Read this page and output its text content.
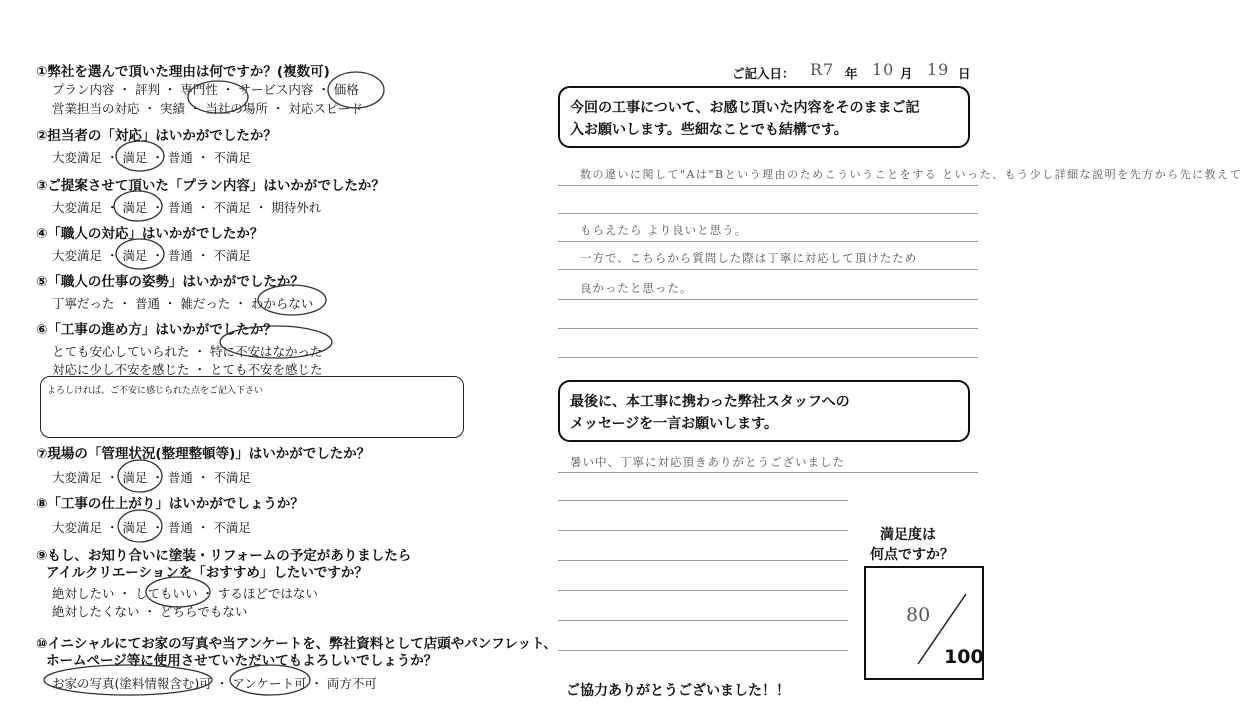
ご記入日： R7 年 10 月 19 日
①弊社を選んで頂いた理由は何ですか？(複数可)
プラン内容 ・ 評判 ・ 専門性 ・ サービス内容 ・ 価格
営業担当の対応 ・ 実績 ・ 当社の場所 ・ 対応スピード
②担当者の「対応」はいかがでしたか？
大変満足 ・ 満足 ・ 普通 ・ 不満足
③ご提案させて頂いた「プラン内容」はいかがでしたか？
大変満足 ・ 満足 ・ 普通 ・ 不満足 ・ 期待外れ
④「職人の対応」はいかがでしたか？
大変満足 ・ 満足 ・ 普通 ・ 不満足
⑤「職人の仕事の姿勢」はいかがでしたか？
丁寧だった ・ 普通 ・ 雑だった ・ わからない
⑥「工事の進め方」はいかがでしたか？
とても安心していられた ・ 特に不安はなかった
対応に少し不安を感じた ・ とても不安を感じた
よろしければ、ご不安に感じられた点をご記入下さい
⑦現場の「管理状況(整理整頓等)」はいかがでしたか？
大変満足 ・ 満足 ・ 普通 ・ 不満足
⑧「工事の仕上がり」はいかがでしょうか？
大変満足 ・ 満足 ・ 普通 ・ 不満足
⑨もし、お知り合いに塗装・リフォームの予定がありましたら
アイルクリエーションを「おすすめ」したいですか？
絶対したい ・ してもいい ・ するほどではない
絶対したくない ・ どちらでもない
⑩イニシャルにてお家の写真や当アンケートを、弊社資料として店頭やパンフレット、
ホームページ等に使用させていただいてもよろしいでしょうか？
お家の写真(塗料情報含む)可 ・ アンケート可 ・ 両方不可
今回の工事について、お感じ頂いた内容をそのままご記
入お願いします。些細なことでも結構です。
数の違いに関して"Aは"Bという理由のためこういうことをする といった、もう少し詳細な説明を先方から先に教えて
もらえたら より良いと思う。
一方で、こちらから質問した際は丁寧に対応して頂けたため
良かったと思った。
最後に、本工事に携わった弊社スタッフへの
メッセージを一言お願いします。
暑い中、丁寧に対応頂きありがとうございました
満足度は
何点ですか？
80
100
ご協力ありがとうございました！！
